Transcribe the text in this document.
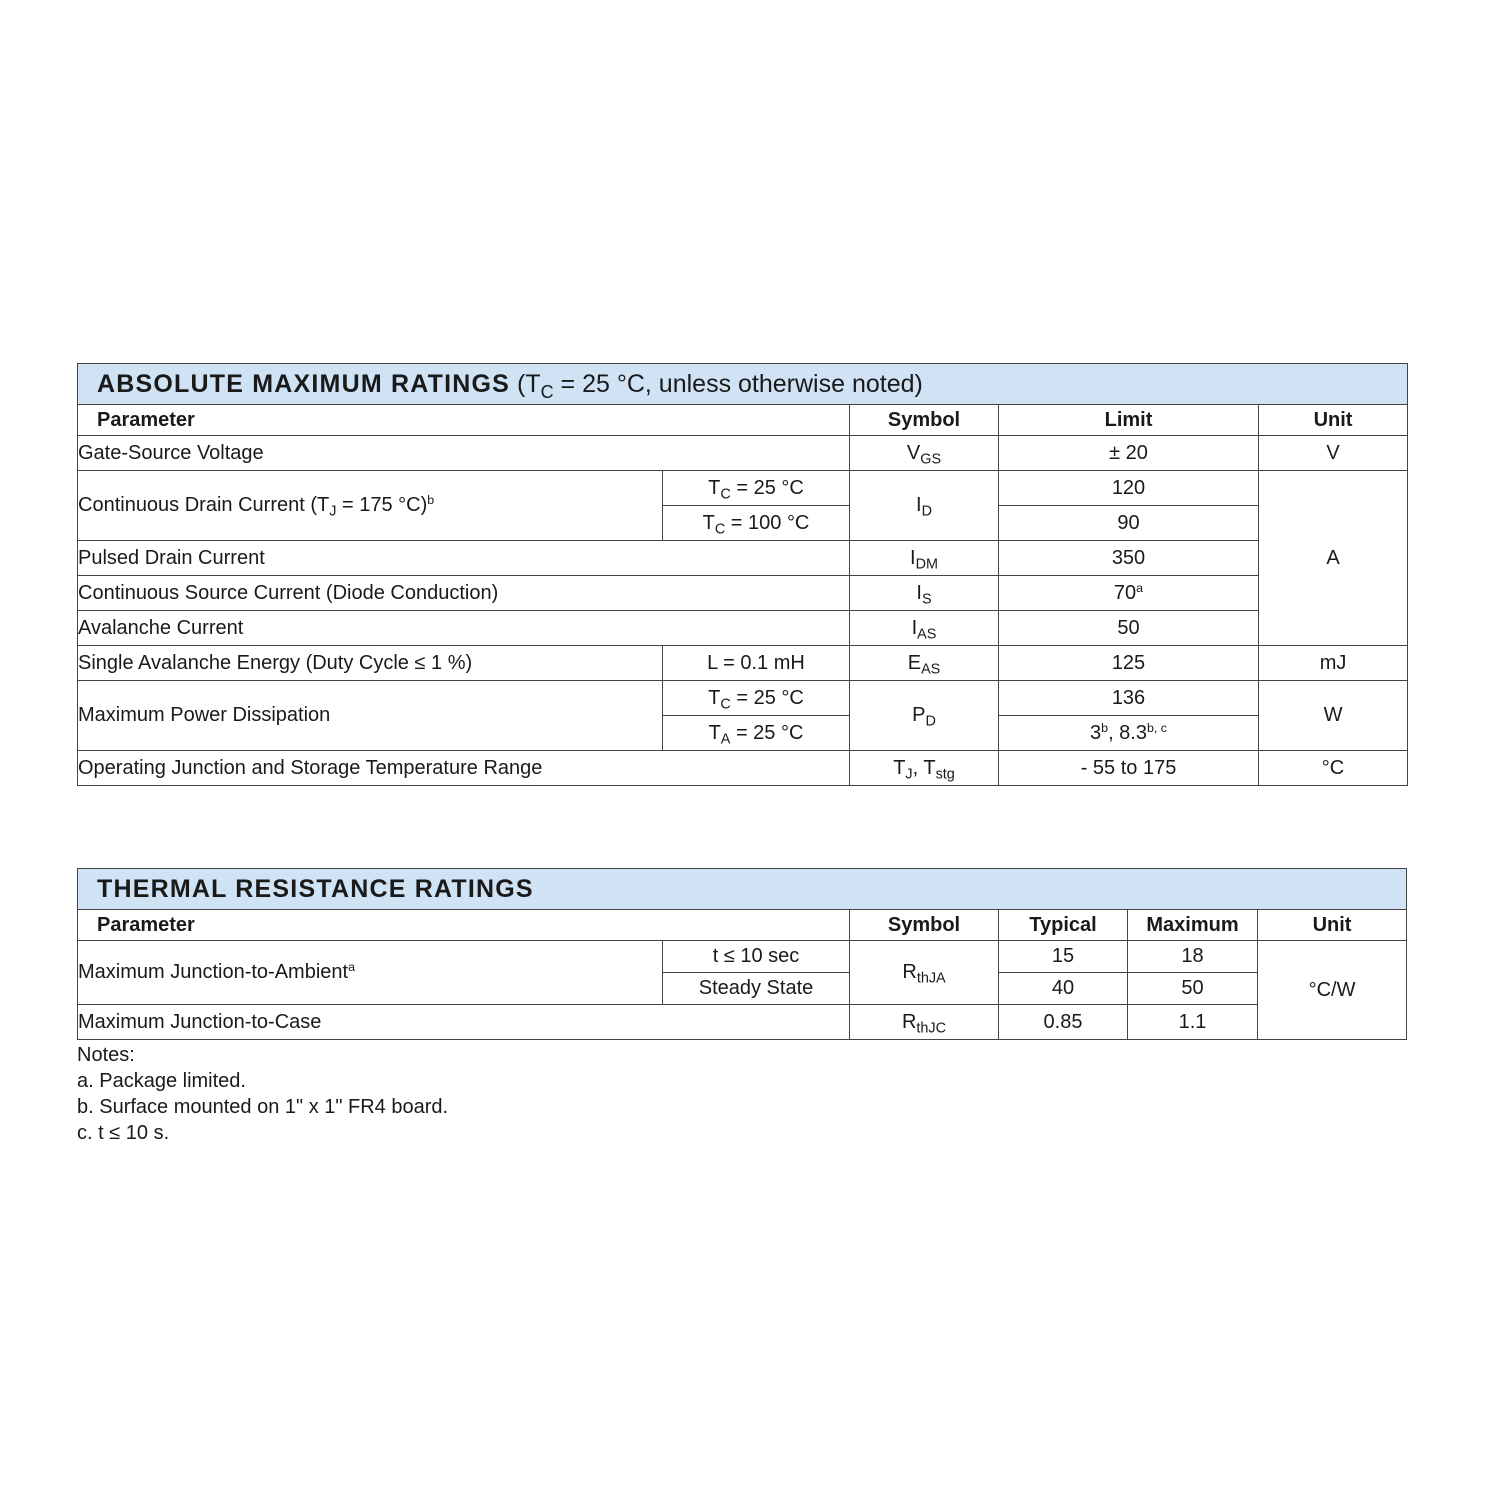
ABSOLUTE MAXIMUM RATINGS ($T_C = 25$ °C, unless otherwise noted)				
Parameter		Symbol	Limit	Unit
Gate-Source Voltage		$V_{GS}$	± 20	V
Continuous Drain Current ($T_J = 175$ °C)$^b$	$T_C = 25$ °C	$I_D$	120	A
	$T_C = 100$ °C		90	
Pulsed Drain Current		$I_{DM}$	350	
Continuous Source Current (Diode Conduction)		$I_S$	70$^a$
Avalanche Current		$I_{AS}$	50	
Single Avalanche Energy (Duty Cycle ≤ 1 %)	L = 0.1 mH	$E_{AS}$	125	mJ
Maximum Power Dissipation	$T_C = 25$ °C	$P_D$	136	W
	$T_A = 25$ °C		3$^b$, 8.3$^{b, c}$
Operating Junction and Storage Temperature Range		$T_J$, $T_{stg}$	- 55 to 175	°C
THERMAL RESISTANCE RATINGS					
Parameter		Symbol	Typical	Maximum	Unit
Maximum Junction-to-Ambient$^a$	t ≤ 10 sec	$R_{thJA}$	15	18	°C/W
	Steady State		40	50	
Maximum Junction-to-Case		$R_{thJC}$	0.85	1.1	
Notes:
a. Package limited.
b. Surface mounted on 1" x 1" FR4 board.
c. t ≤ 10 s.
